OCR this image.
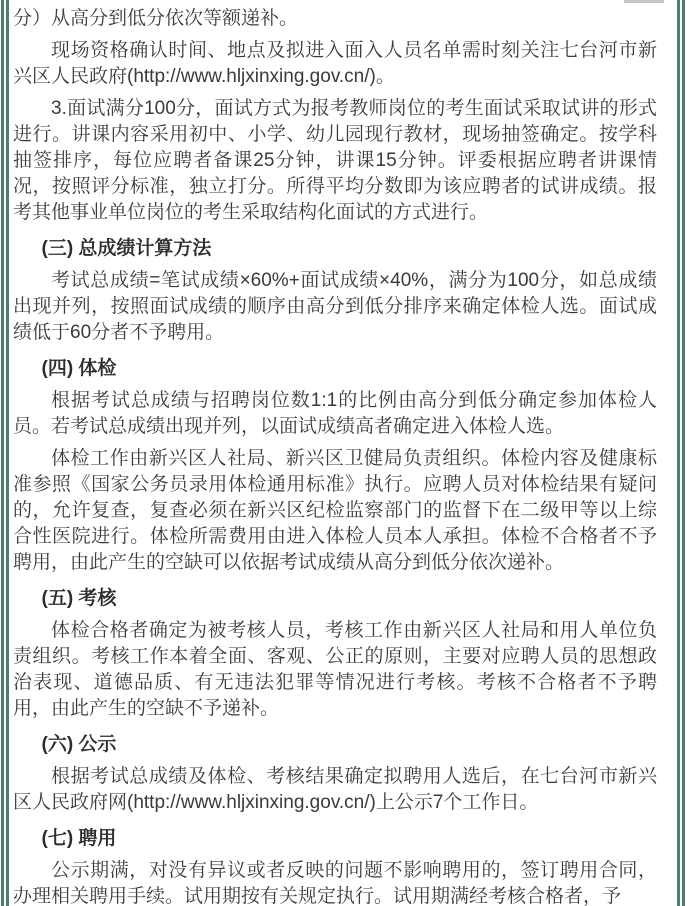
分）从高分到低分依次等额递补。
现场资格确认时间、地点及拟进入面入人员名单需时刻关注七台河市新兴区人民政府(http://www.hljxinxing.gov.cn/)。
3.面试满分100分，面试方式为报考教师岗位的考生面试采取试讲的形式进行。讲课内容采用初中、小学、幼儿园现行教材，现场抽签确定。按学科抽签排序，每位应聘者备课25分钟，讲课15分钟。评委根据应聘者讲课情况，按照评分标准，独立打分。所得平均分数即为该应聘者的试讲成绩。报考其他事业单位岗位的考生采取结构化面试的方式进行。
(三) 总成绩计算方法
考试总成绩=笔试成绩×60%+面试成绩×40%，满分为100分，如总成绩出现并列，按照面试成绩的顺序由高分到低分排序来确定体检人选。面试成绩低于60分者不予聘用。
(四) 体检
根据考试总成绩与招聘岗位数1:1的比例由高分到低分确定参加体检人员。若考试总成绩出现并列，以面试成绩高者确定进入体检人选。
体检工作由新兴区人社局、新兴区卫健局负责组织。体检内容及健康标准参照《国家公务员录用体检通用标准》执行。应聘人员对体检结果有疑问的，允许复查，复查必须在新兴区纪检监察部门的监督下在二级甲等以上综合性医院进行。体检所需费用由进入体检人员本人承担。体检不合格者不予聘用，由此产生的空缺可以依据考试成绩从高分到低分依次递补。
(五) 考核
体检合格者确定为被考核人员，考核工作由新兴区人社局和用人单位负责组织。考核工作本着全面、客观、公正的原则，主要对应聘人员的思想政治表现、道德品质、有无违法犯罪等情况进行考核。考核不合格者不予聘用，由此产生的空缺不予递补。
(六) 公示
根据考试总成绩及体检、考核结果确定拟聘用人选后，在七台河市新兴区人民政府网(http://www.hljxinxing.gov.cn/)上公示7个工作日。
(七) 聘用
公示期满，对没有异议或者反映的问题不影响聘用的，签订聘用合同，办理相关聘用手续。试用期按有关规定执行。试用期满经考核合格者，予
